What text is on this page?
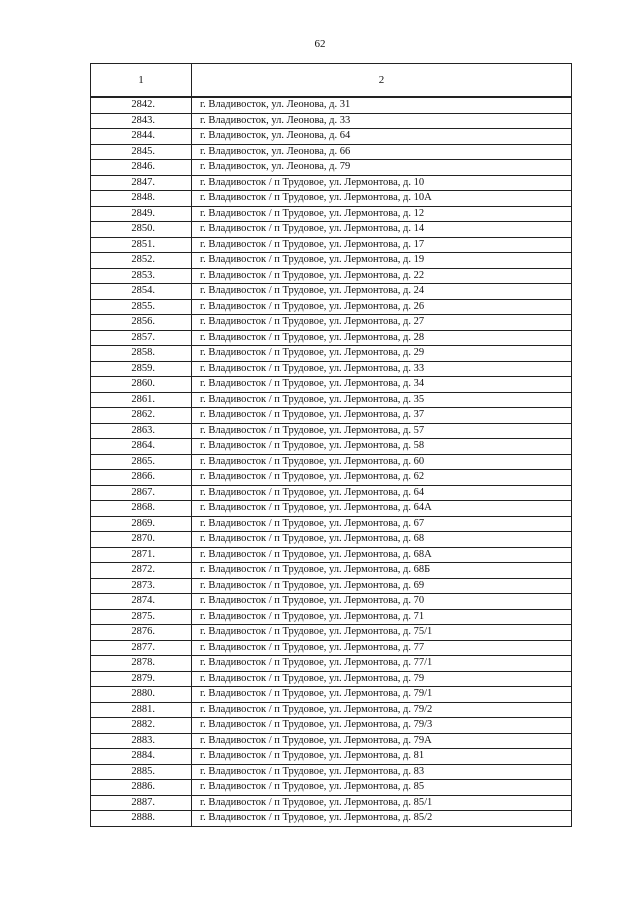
62
1	2
2842.	г. Владивосток, ул. Леонова, д. 31
2843.	г. Владивосток, ул. Леонова, д. 33
2844.	г. Владивосток, ул. Леонова, д. 64
2845.	г. Владивосток, ул. Леонова, д. 66
2846.	г. Владивосток, ул. Леонова, д. 79
2847.	г. Владивосток / п Трудовое, ул. Лермонтова, д. 10
2848.	г. Владивосток / п Трудовое, ул. Лермонтова, д. 10А
2849.	г. Владивосток / п Трудовое, ул. Лермонтова, д. 12
2850.	г. Владивосток / п Трудовое, ул. Лермонтова, д. 14
2851.	г. Владивосток / п Трудовое, ул. Лермонтова, д. 17
2852.	г. Владивосток / п Трудовое, ул. Лермонтова, д. 19
2853.	г. Владивосток / п Трудовое, ул. Лермонтова, д. 22
2854.	г. Владивосток / п Трудовое, ул. Лермонтова, д. 24
2855.	г. Владивосток / п Трудовое, ул. Лермонтова, д. 26
2856.	г. Владивосток / п Трудовое, ул. Лермонтова, д. 27
2857.	г. Владивосток / п Трудовое, ул. Лермонтова, д. 28
2858.	г. Владивосток / п Трудовое, ул. Лермонтова, д. 29
2859.	г. Владивосток / п Трудовое, ул. Лермонтова, д. 33
2860.	г. Владивосток / п Трудовое, ул. Лермонтова, д. 34
2861.	г. Владивосток / п Трудовое, ул. Лермонтова, д. 35
2862.	г. Владивосток / п Трудовое, ул. Лермонтова, д. 37
2863.	г. Владивосток / п Трудовое, ул. Лермонтова, д. 57
2864.	г. Владивосток / п Трудовое, ул. Лермонтова, д. 58
2865.	г. Владивосток / п Трудовое, ул. Лермонтова, д. 60
2866.	г. Владивосток / п Трудовое, ул. Лермонтова, д. 62
2867.	г. Владивосток / п Трудовое, ул. Лермонтова, д. 64
2868.	г. Владивосток / п Трудовое, ул. Лермонтова, д. 64А
2869.	г. Владивосток / п Трудовое, ул. Лермонтова, д. 67
2870.	г. Владивосток / п Трудовое, ул. Лермонтова, д. 68
2871.	г. Владивосток / п Трудовое, ул. Лермонтова, д. 68А
2872.	г. Владивосток / п Трудовое, ул. Лермонтова, д. 68Б
2873.	г. Владивосток / п Трудовое, ул. Лермонтова, д. 69
2874.	г. Владивосток / п Трудовое, ул. Лермонтова, д. 70
2875.	г. Владивосток / п Трудовое, ул. Лермонтова, д. 71
2876.	г. Владивосток / п Трудовое, ул. Лермонтова, д. 75/1
2877.	г. Владивосток / п Трудовое, ул. Лермонтова, д. 77
2878.	г. Владивосток / п Трудовое, ул. Лермонтова, д. 77/1
2879.	г. Владивосток / п Трудовое, ул. Лермонтова, д. 79
2880.	г. Владивосток / п Трудовое, ул. Лермонтова, д. 79/1
2881.	г. Владивосток / п Трудовое, ул. Лермонтова, д. 79/2
2882.	г. Владивосток / п Трудовое, ул. Лермонтова, д. 79/3
2883.	г. Владивосток / п Трудовое, ул. Лермонтова, д. 79А
2884.	г. Владивосток / п Трудовое, ул. Лермонтова, д. 81
2885.	г. Владивосток / п Трудовое, ул. Лермонтова, д. 83
2886.	г. Владивосток / п Трудовое, ул. Лермонтова, д. 85
2887.	г. Владивосток / п Трудовое, ул. Лермонтова, д. 85/1
2888.	г. Владивосток / п Трудовое, ул. Лермонтова, д. 85/2
